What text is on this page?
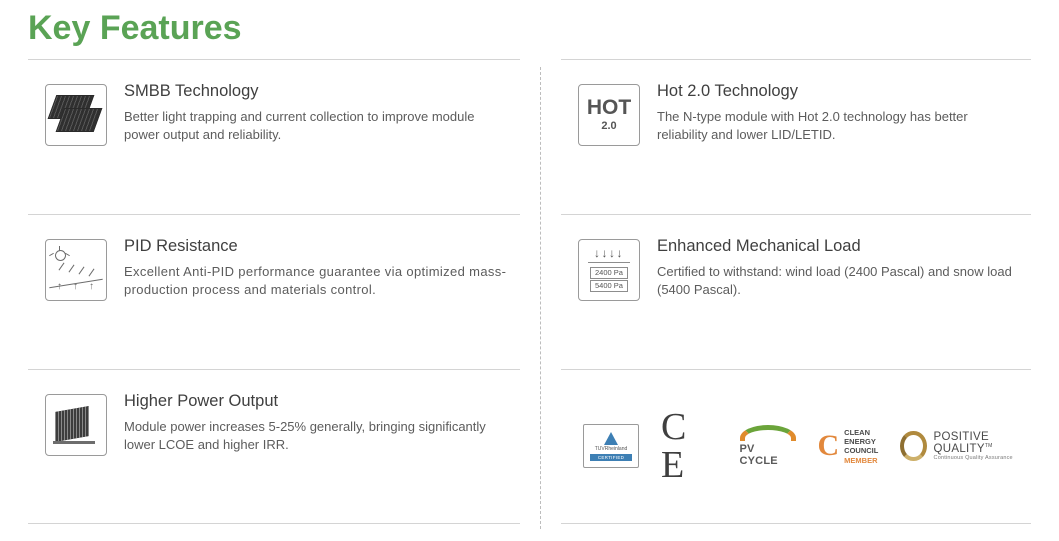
Key Features

SMBB Technology

Better light trapping and current collection to improve module power output and reliability.

↑ ↑ ↑

PID Resistance

Excellent Anti-PID performance guarantee via optimized mass-production process and materials control.

Higher Power Output

Module power increases 5-25% generally, bringing significantly lower LCOE and higher IRR.

HOT
2.0

Hot 2.0 Technology

The N-type module with Hot 2.0 technology has better reliability and lower LID/LETID.

↓↓↓↓
2400 Pa 5400 Pa

Enhanced Mechanical Load

Certified to withstand: wind load (2400 Pascal) and snow load (5400 Pascal).

TUVRheinland
CERTIFIED
C E	PV CYCLE	C CLEAN
ENERGY
COUNCIL
MEMBER
POSITIVE QUALITY™
Continuous Quality Assurance
